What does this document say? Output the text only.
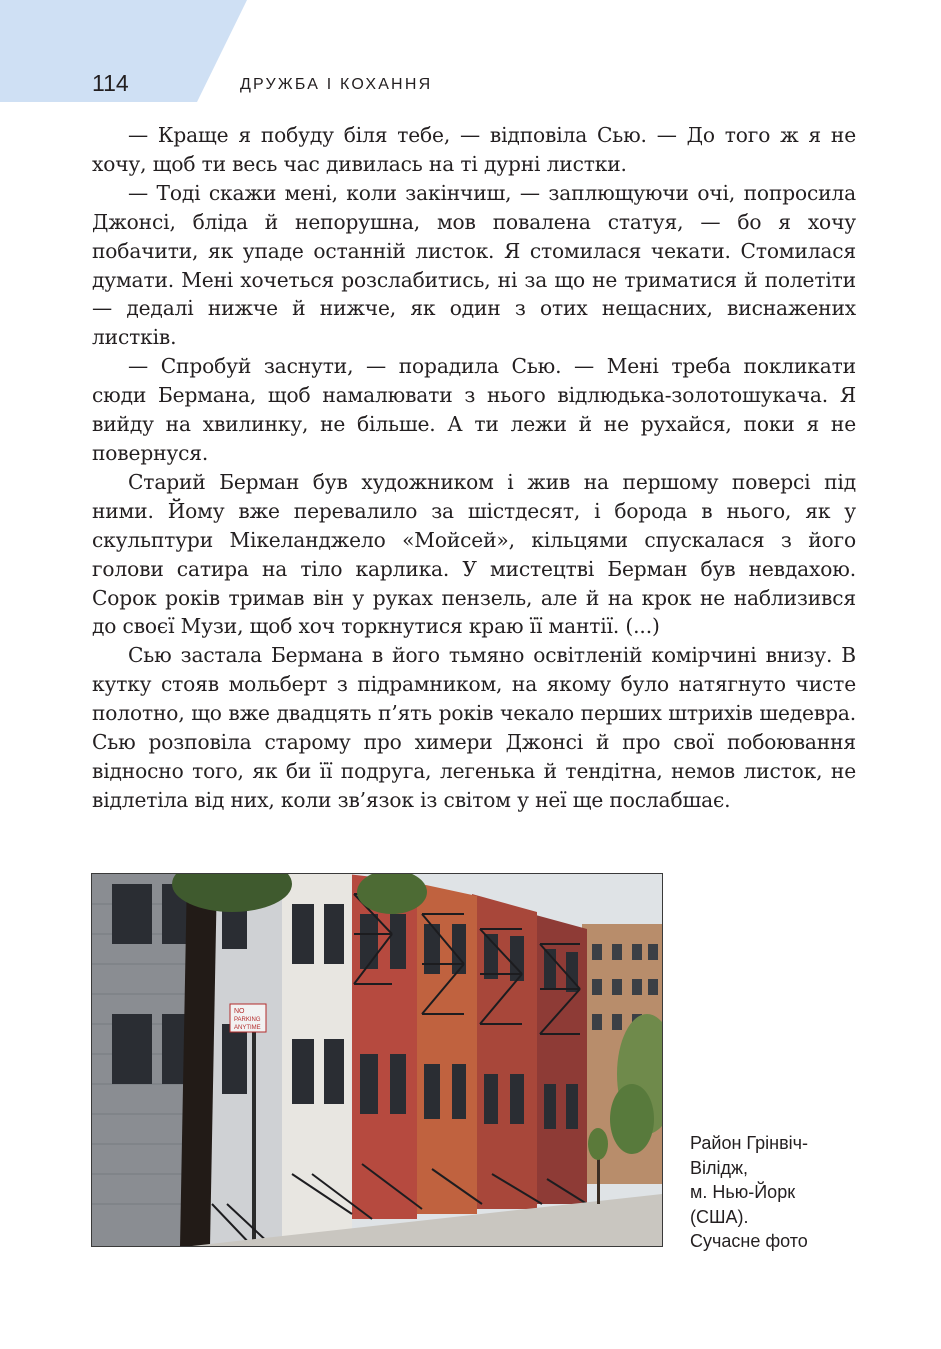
114	ДРУЖБА І КОХАННЯ

— Краще я побуду біля тебе, — відповіла Сью. — До того ж я не хочу, щоб ти весь час дивилась на ті дурні листки.

— Тоді скажи мені, коли закінчиш, — заплющуючи очі, попросила Джонсі, бліда й непорушна, мов повалена статуя, — бо я хочу побачити, як упаде останній листок. Я стомилася чекати. Стомилася думати. Мені хочеться розслабитись, ні за що не триматися й полетіти — дедалі нижче й нижче, як один з отих нещасних, виснажених листків.

— Спробуй заснути, — порадила Сью. — Мені треба покликати сюди Бермана, щоб намалювати з нього відлюдька-золотошукача. Я вийду на хвилинку, не більше. А ти лежи й не рухайся, поки я не повернуся.

Старий Берман був художником і жив на першому поверсі під ними. Йому вже перевалило за шістдесят, і борода в нього, як у скульптури Мікеланджело «Мойсей», кільцями спускалася з його голови сатира на тіло карлика. У мистецтві Берман був невдахою. Сорок років тримав він у руках пензель, але й на крок не наблизився до своєї Музи, щоб хоч торкнутися краю її мантії. (...)

Сью застала Бермана в його тьмяно освітленій комірчині внизу. В кутку стояв мольберт з підрамником, на якому було натягнуто чисте полотно, що вже двадцять п’ять років чекало перших штрихів шедевра. Сью розповіла старому про химери Джонсі й про свої побоювання відносно того, як би її подруга, легенька й тендітна, немов листок, не відлетіла від них, коли зв’язок із світом у неї ще послабшає.

NO
PARKING
ANYTIME
Район Грінвіч-
Вілідж,
м. Нью-Йорк
(США).
Сучасне фото
